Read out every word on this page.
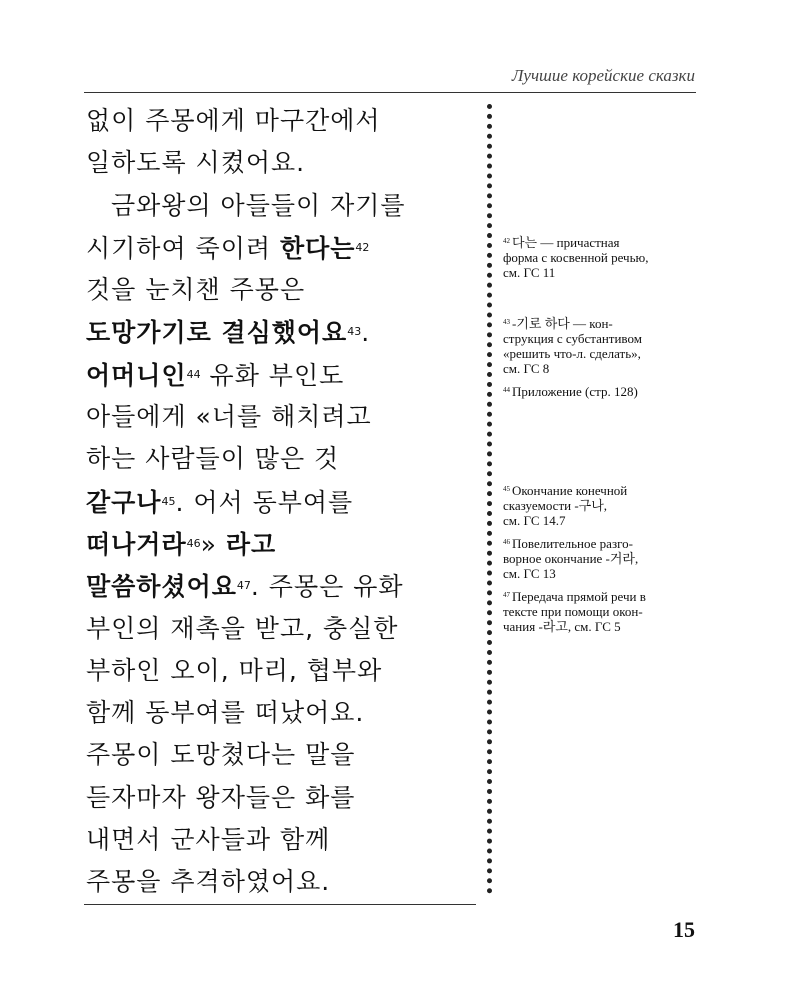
Лучшие корейские сказки
없이 주몽에게 마구간에서
일하도록 시켰어요.
금와왕의 아들들이 자기를
시기하여 죽이려 한다는$^{42}$
것을 눈치챈 주몽은
도망가기로 결심했어요$^{43}$.
어머니인$^{44}$ 유화 부인도
아들에게 «너를 해치려고
하는 사람들이 많은 것
같구나$^{45}$. 어서 동부여를
떠나거라$^{46}$» 라고
말씀하셨어요$^{47}$. 주몽은 유화
부인의 재촉을 받고, 충실한
부하인 오이, 마리, 협부와
함께 동부여를 떠났어요.
주몽이 도망쳤다는 말을
듣자마자 왕자들은 화를
내면서 군사들과 함께
주몽을 추격하였어요.
$^{42}$ 다는 — причастная
форма с косвенной речью,
см. ГС 11
$^{43}$ -기로 하다 — кон-
струкция с субстантивом
«решить что-л. сделать»,
см. ГС 8
$^{44}$ Приложение (стр. 128)
$^{45}$ Окончание конечной
сказуемости -구나,
см. ГС 14.7
$^{46}$ Повелительное разго-
ворное окончание -거라,
см. ГС 13
$^{47}$ Передача прямой речи в
тексте при помощи окон-
чания -라고, см. ГС 5
15
